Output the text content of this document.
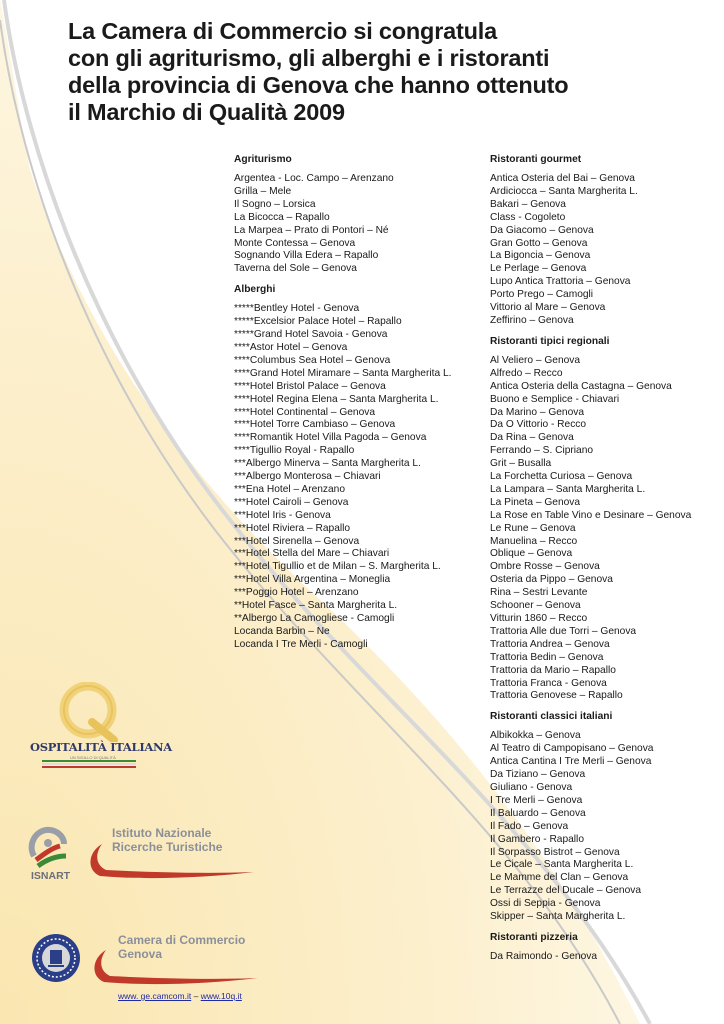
La Camera di Commercio si congratula
con gli agriturismo, gli alberghi e i ristoranti
della provincia di Genova che hanno ottenuto
il Marchio di Qualità 2009
Agriturismo
Argentea - Loc. Campo – Arenzano
Grilla – Mele
Il Sogno – Lorsica
La Bicocca – Rapallo
La Marpea – Prato di Pontori – Né
Monte Contessa – Genova
Sognando Villa Edera – Rapallo
Taverna del Sole – Genova
Alberghi
*****Bentley Hotel - Genova
*****Excelsior Palace Hotel – Rapallo
*****Grand Hotel Savoia - Genova
****Astor Hotel – Genova
****Columbus Sea Hotel – Genova
****Grand Hotel Miramare – Santa Margherita L.
****Hotel Bristol Palace – Genova
****Hotel Regina Elena – Santa Margherita L.
****Hotel Continental – Genova
****Hotel Torre Cambiaso – Genova
****Romantik Hotel Villa Pagoda – Genova
****Tigullio Royal - Rapallo
***Albergo Minerva – Santa Margherita L.
***Albergo Monterosa – Chiavari
***Ena Hotel – Arenzano
***Hotel Cairoli – Genova
***Hotel Iris - Genova
***Hotel Riviera – Rapallo
***Hotel Sirenella – Genova
***Hotel Stella del Mare – Chiavari
***Hotel Tigullio et de Milan – S. Margherita L.
***Hotel Villa Argentina – Moneglia
***Poggio Hotel – Arenzano
**Hotel Fasce – Santa Margherita L.
**Albergo La Camogliese - Camogli
Locanda Barbin – Ne
Locanda I Tre Merli - Camogli
Ristoranti gourmet
Antica Osteria del Bai – Genova
Ardiciocca – Santa Margherita L.
Bakari – Genova
Class - Cogoleto
Da Giacomo – Genova
Gran Gotto – Genova
La Bigoncia – Genova
Le Perlage – Genova
Lupo Antica Trattoria – Genova
Porto Prego – Camogli
Vittorio al Mare – Genova
Zeffirino – Genova
Ristoranti tipici regionali
Al Veliero – Genova
Alfredo – Recco
Antica Osteria della Castagna – Genova
Buono e Semplice - Chiavari
Da Marino – Genova
Da O Vittorio - Recco
Da Rina – Genova
Ferrando – S. Cipriano
Grit – Busalla
La Forchetta Curiosa – Genova
La Lampara – Santa Margherita L.
La Pineta – Genova
La Rose en Table Vino e Desinare – Genova
Le Rune – Genova
Manuelina – Recco
Oblique – Genova
Ombre Rosse – Genova
Osteria da Pippo – Genova
Rina – Sestri Levante
Schooner – Genova
Vitturin 1860 – Recco
Trattoria Alle due Torri – Genova
Trattoria Andrea – Genova
Trattoria Bedin – Genova
Trattoria da Mario – Rapallo
Trattoria Franca - Genova
Trattoria Genovese – Rapallo
Ristoranti classici italiani
Albikokka – Genova
Al Teatro di Campopisano – Genova
Antica Cantina I Tre Merli – Genova
Da Tiziano – Genova
Giuliano - Genova
I Tre Merli – Genova
Il Baluardo – Genova
Il Fado – Genova
Il Gambero - Rapallo
Il Sorpasso Bistrot – Genova
Le Cicale – Santa Margherita L.
Le Mamme del Clan – Genova
Le Terrazze del Ducale – Genova
Ossi di Seppia - Genova
Skipper – Santa Margherita L.
Ristoranti pizzeria
Da Raimondo - Genova
OSPITALITÀ ITALIANA
UN SIGILLO DI QUALITÀ
ISNART
Istituto Nazionale
Ricerche Turistiche
Camera di Commercio
Genova
www. ge.camcom.it – www.10q.it
